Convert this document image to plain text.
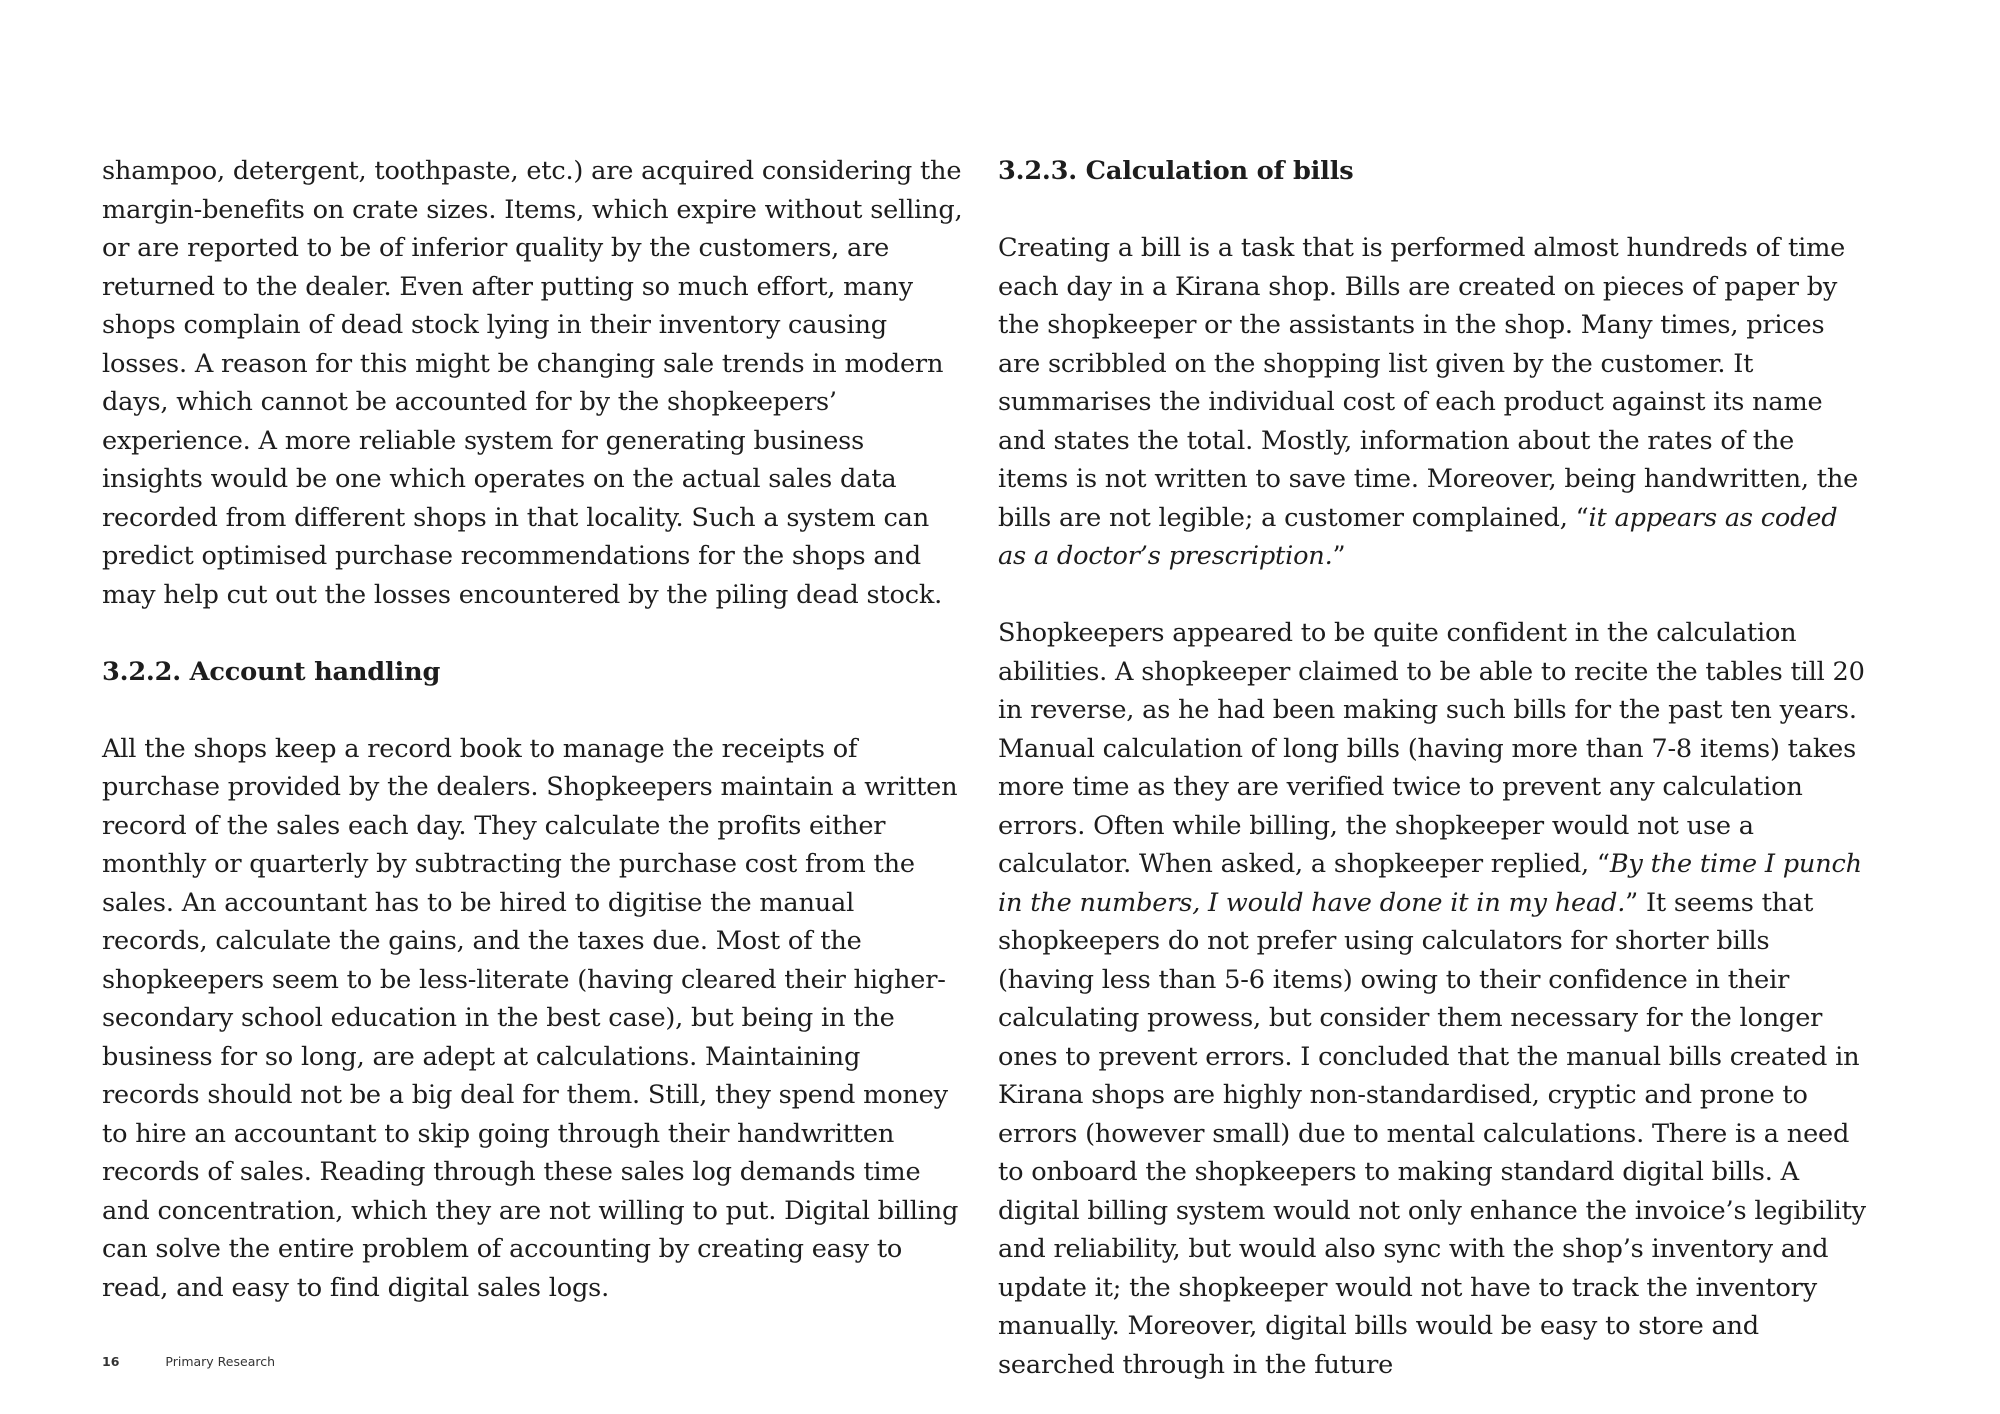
shampoo, detergent, toothpaste, etc.) are acquired considering the margin-benefits on crate sizes. Items, which expire without selling, or are reported to be of inferior quality by the customers, are returned to the dealer. Even after putting so much effort, many shops complain of dead stock lying in their inventory causing losses. A reason for this might be changing sale trends in modern days, which cannot be accounted for by the shopkeepers’ experience. A more reliable system for generating business insights would be one which operates on the actual sales data recorded from different shops in that locality. Such a system can predict optimised purchase recommendations for the shops and may help cut out the losses encountered by the piling dead stock.

3.2.2. Account handling

All the shops keep a record book to manage the receipts of purchase provided by the dealers. Shopkeepers maintain a written record of the sales each day. They calculate the profits either monthly or quarterly by subtracting the purchase cost from the sales. An accountant has to be hired to digitise the manual records, calculate the gains, and the taxes due. Most of the shopkeepers seem to be less-literate (having cleared their higher-secondary school education in the best case), but being in the business for so long, are adept at calculations. Maintaining records should not be a big deal for them. Still, they spend money to hire an accountant to skip going through their handwritten records of sales. Reading through these sales log demands time and concentration, which they are not willing to put. Digital billing can solve the entire problem of accounting by creating easy to read, and easy to find digital sales logs.

3.2.3. Calculation of bills

Creating a bill is a task that is performed almost hundreds of time each day in a Kirana shop. Bills are created on pieces of paper by the shopkeeper or the assistants in the shop. Many times, prices are scribbled on the shopping list given by the customer. It summarises the individual cost of each product against its name and states the total. Mostly, information about the rates of the items is not written to save time. Moreover, being handwritten, the bills are not legible; a customer complained, “it appears as coded as a doctor’s prescription.”

Shopkeepers appeared to be quite confident in the calculation abilities. A shopkeeper claimed to be able to recite the tables till 20 in reverse, as he had been making such bills for the past ten years. Manual calculation of long bills (having more than 7-8 items) takes more time as they are verified twice to prevent any calculation errors. Often while billing, the shopkeeper would not use a calculator. When asked, a shopkeeper replied, “By the time I punch in the numbers, I would have done it in my head.” It seems that shopkeepers do not prefer using calculators for shorter bills (having less than 5-6 items) owing to their confidence in their calculating prowess, but consider them necessary for the longer ones to prevent errors. I concluded that the manual bills created in Kirana shops are highly non-standardised, cryptic and prone to errors (however small) due to mental calculations. There is a need to onboard the shopkeepers to making standard digital bills. A digital billing system would not only enhance the invoice’s legibility and reliability, but would also sync with the shop’s inventory and update it; the shopkeeper would not have to track the inventory manually. Moreover, digital bills would be easy to store and searched through in the future

16	Primary Research
